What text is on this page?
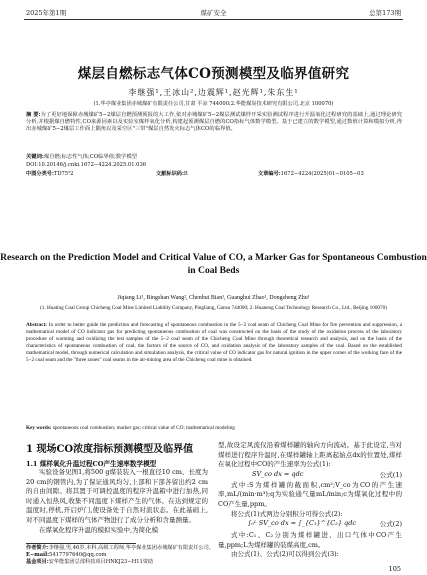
2025年第1期	煤矿安全	总第173期
煤层自燃标志气体CO预测模型及临界值研究
李继强¹,王冰山²,边震辉¹,赵光辉¹,朱东生¹
(1.华亭煤业集团赤城煤矿有限责任公司,甘肃 平凉 744000;2.华能煤炭技术研究有限公司,北京 100070)
摘 要:为了更好地保障赤城煤矿5−2煤层自燃预测预报的大工作,依对赤城煤矿5−2煤层测试煤样开采实验测试程序进行升温氧化过程研究的基础上,通过理论研究分析,并根据煤自燃特性,CO来源因素以及实验室煤样氧化分析,构建起预测煤层自燃的CO指标气体数学模型。基于已建立的数学模型,通过数值计算和模拟分析,得出赤城煤矿5−2煤层工作面上隅角以及采空区"三带"煤层自然发火标志气体CO的临界值。
关键词:煤自燃;标志性气体;CO临界值;数学模型
DOI:10.20146/j.cnki.1672−4224.2025.01.036
中图分类号:TD75²2	文献标识码:B	文章编号:1672−4224(2025)01−0105−03
Research on the Prediction Model and Critical Value of CO, a Marker Gas for Spontaneous Combustion in Coal Beds
Jiqiang Li¹, Bingshan Wang², Chenhui Bian¹, Guanghui Zhao¹, Dongsheng Zhu¹
(1. Huating Coal Group Chicheng Coal Mine Limited Liability Company, Pingliang, Gansu 744000; 2. Huaneng Coal Technology Research Co., Ltd., Beijing 100070)
Abstract: In order to better guide the prediction and forecasting of spontaneous combustion in the 5−2 coal seam of Chicheng Coal Mine for fire prevention and suppression, a mathematical model of CO indicator gas for predicting spontaneous combustion of coal was constructed on the basis of the study of the oxidation process of the laboratory procedure of warming and oxidizing the test samples of the 5−2 coal seam of the Chicheng Coal Mine through theoretical research and analysis, and on the basis of the characteristics of spontaneous combustion of coal, the factors of the source of CO, and oxidation analysis of the laboratory samples of the coal. Based on the established mathematical model, through numerical calculation and simulation analysis, the critical value of CO indicator gas for natural ignition in the upper corner of the working face of the 5−2 coal seam and the "three zones" coal seams in the air-mining area of the Chicheng coal mine is obtained.
Key words: spontaneous coal combustion; marker gas; critical value of CO; mathematical modeling
1 现场CO浓度指标预测模型及临界值
1.1 煤样氧化升温过程CO产生速率数学模型
实验设备见图1,将500 g煤装装入一根直径10 cm、长度为20 cm的钢管内,为了保证通风均匀,上部和下部各留出约2 cm的自由间隙。将其置于可调控温度的程序升温箱中进行加热,同时通入恒热风,收集不同温度下煤样产生的气体。在达到规定的温度时,停机,开启炉门,使设备处于自然对流状态。在此基础上,对不同温度下煤样的气体产物进行了成分分析和含量测量。
在煤氧化程序升温的模拟实验中,为简化模
型,故设定风流仅沿着煤样罐的轴向方向流动。基于此设定,当对煤样进行程序升温时,在煤样罐轴上距离起始点dx的位置处,煤样在氧化过程中CO的产生速率为公式(1):
SV_co dx = qdc	公式(1)
式中:S为煤样罐的截面积,cm²;V_co为CO的产生速率,mL/(min·m³);q为实验通气量mL/min;c为煤氧化过程中的CO产生量,ppm。
将公式(1)式两边分别积分可得公式(2):
∫₀ᴸ SV_co dx = ∫_{C₁}^{C₂} qdc	公式(2)
式中:C₁、C₂分别为煤样罐进、出口气体中CO产生量,ppm;L为煤样罐的装煤高度,cm。
由公式(1)、公式(2)可以得到公式(3):
作者简介:李继强,男,46岁,本科,高级工程师,华亭煤业集团赤城煤矿有限责任公司。
E−mail:5417797640@qq.com
基金项目:安华能集团总部科技项目HNKJ23−H11资助
105
